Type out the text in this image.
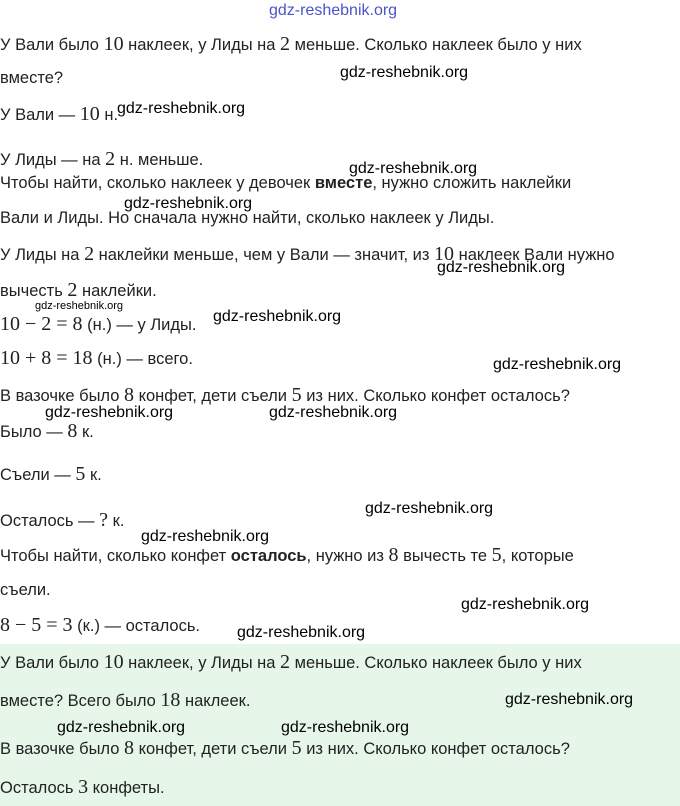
gdz-reshebnik.org
У Вали было 10 наклеек, у Лиды на 2 меньше. Сколько наклеек было у них
вместе?
У Вали — 10 н.
У Лиды — на 2 н. меньше.
Чтобы найти, сколько наклеек у девочек вместе, нужно сложить наклейки
Вали и Лиды. Но сначала нужно найти, сколько наклеек у Лиды.
У Лиды на 2 наклейки меньше, чем у Вали — значит, из 10 наклеек Вали нужно
вычесть 2 наклейки.
10 − 2 = 8 (н.) — у Лиды.
10 + 8 = 18 (н.) — всего.
В вазочке было 8 конфет, дети съели 5 из них. Сколько конфет осталось?
Было — 8 к.
Съели — 5 к.
Осталось — ? к.
Чтобы найти, сколько конфет осталось, нужно из 8 вычесть те 5, которые
съели.
8 − 5 = 3 (к.) — осталось.
У Вали было 10 наклеек, у Лиды на 2 меньше. Сколько наклеек было у них
вместе? Всего было 18 наклеек.
В вазочке было 8 конфет, дети съели 5 из них. Сколько конфет осталось?
Осталось 3 конфеты.
gdz-reshebnik.org
gdz-reshebnik.org
gdz-reshebnik.org
gdz-reshebnik.org
gdz-reshebnik.org
gdz-reshebnik.org
gdz-reshebnik.org
gdz-reshebnik.org
gdz-reshebnik.org	gdz-reshebnik.org
gdz-reshebnik.org
gdz-reshebnik.org
gdz-reshebnik.org
gdz-reshebnik.org
gdz-reshebnik.org
gdz-reshebnik.org	gdz-reshebnik.org
